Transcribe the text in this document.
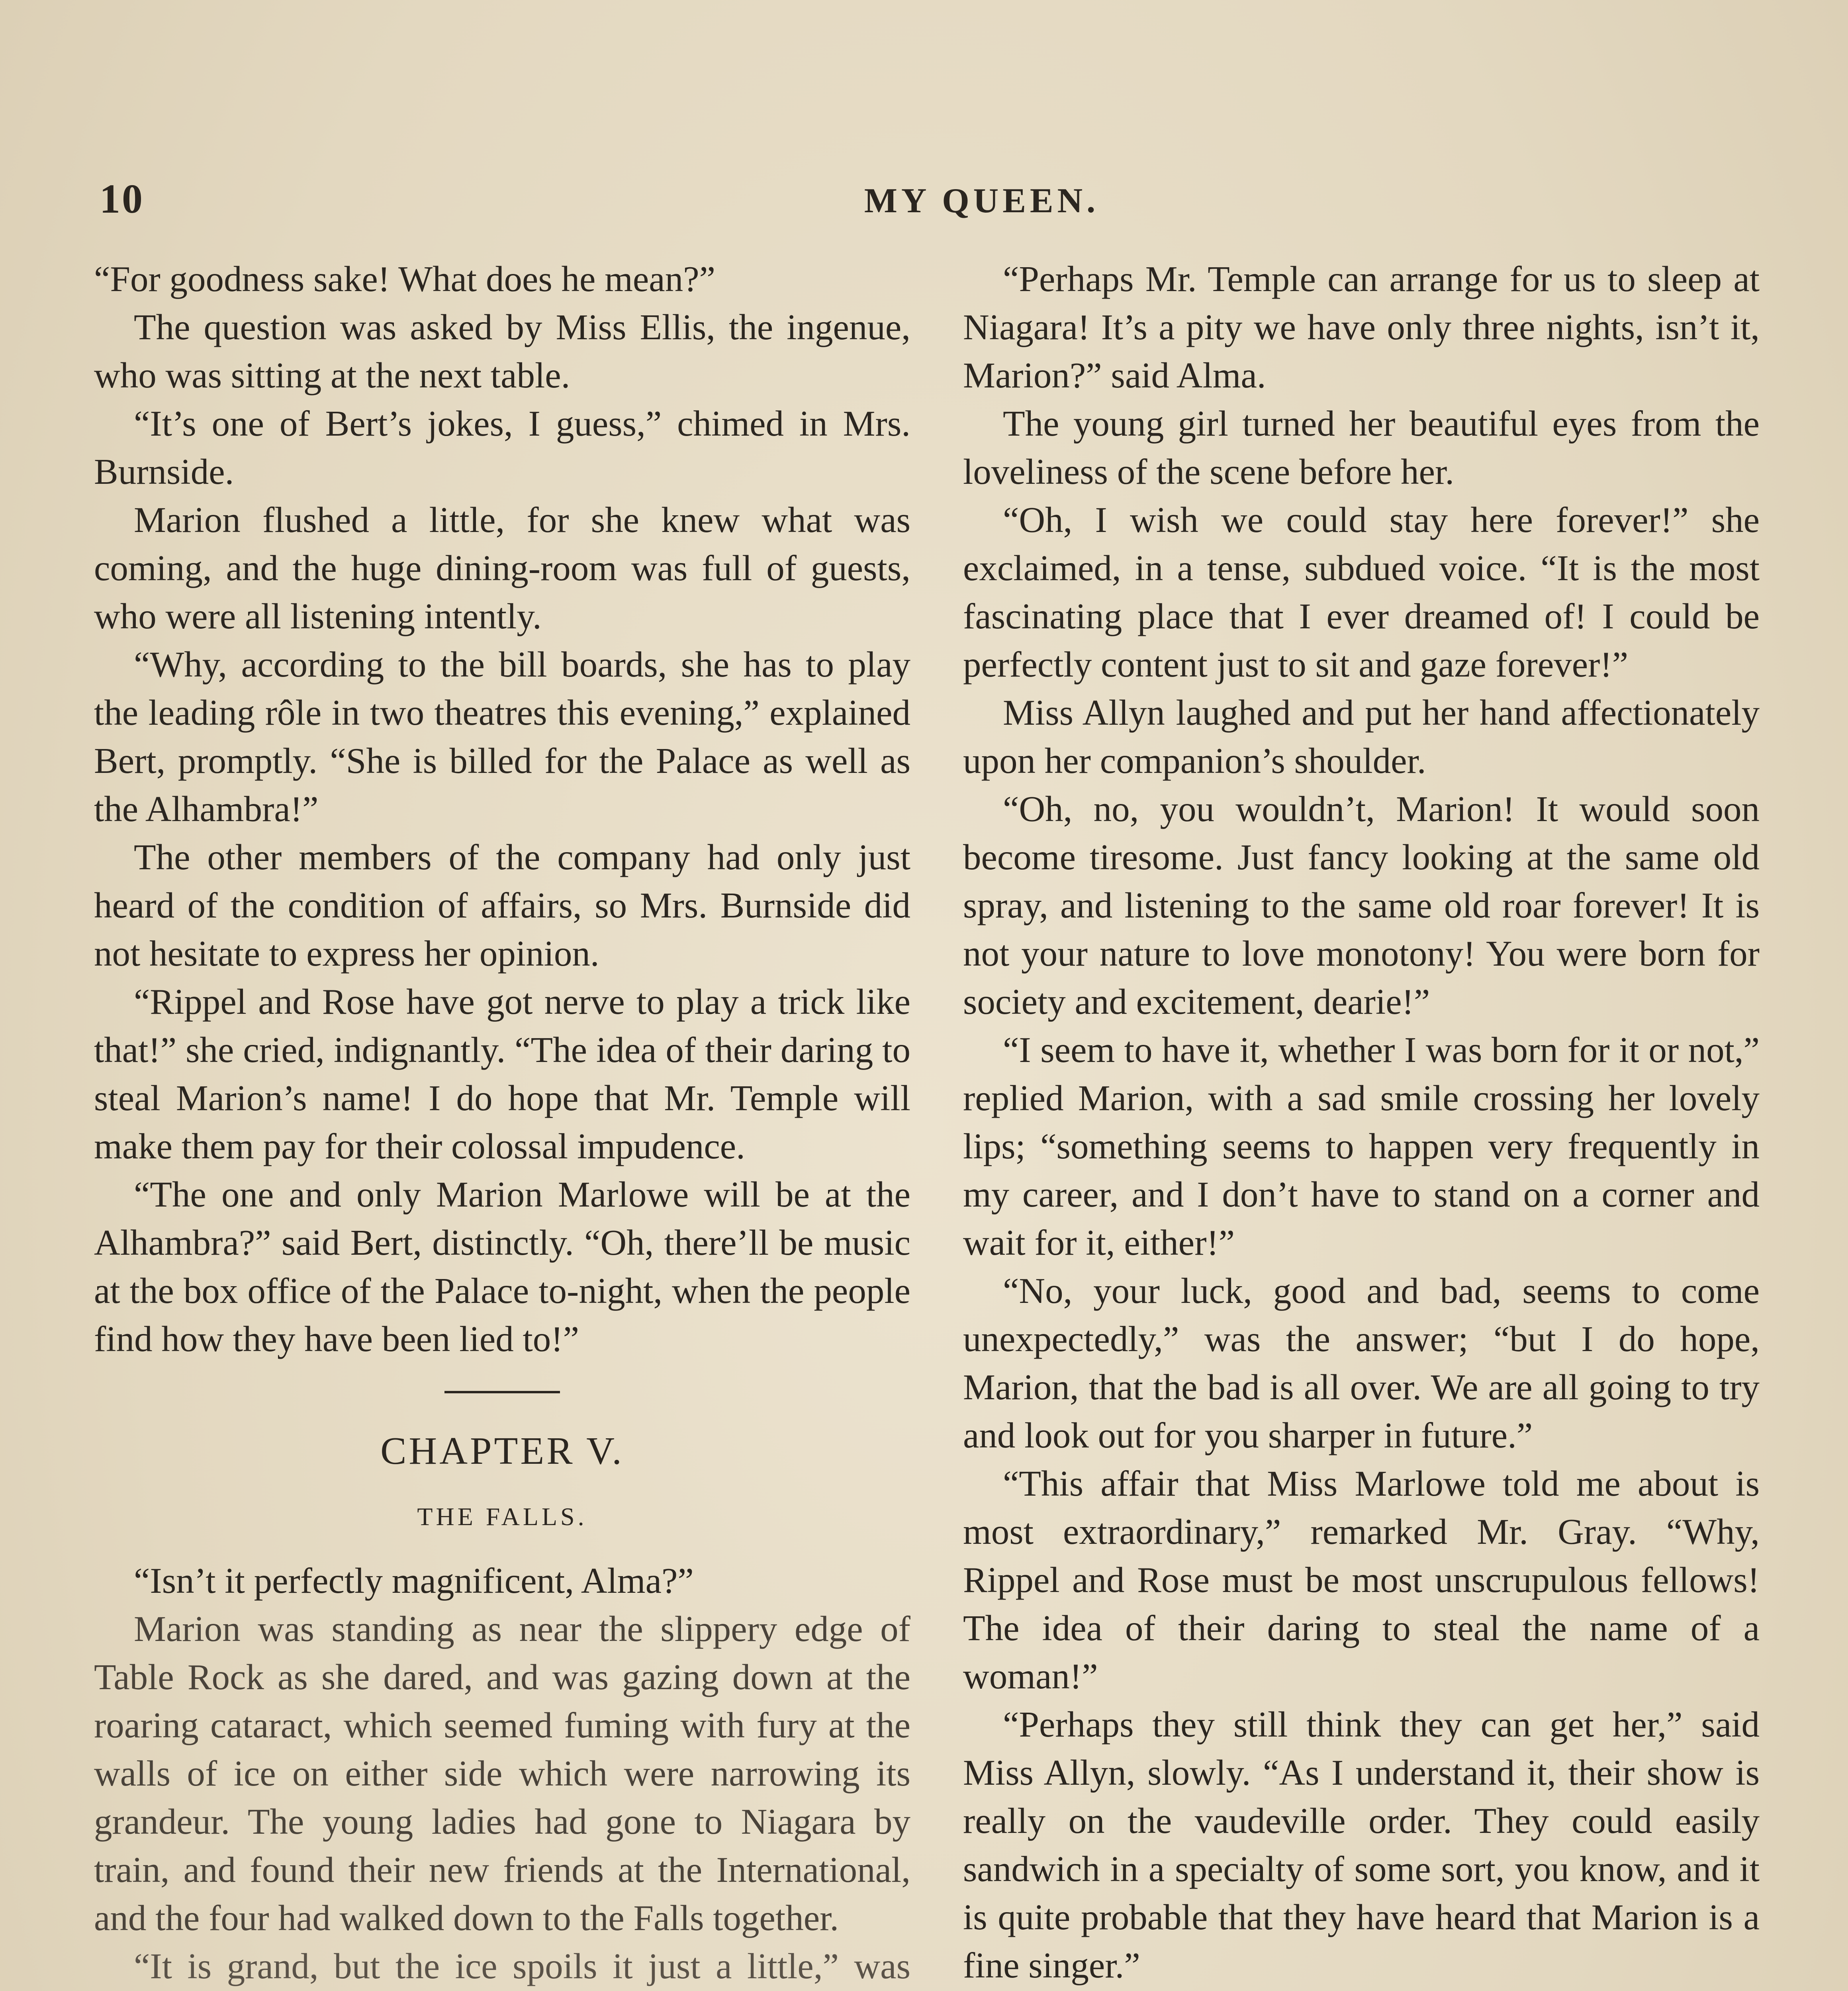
10	MY QUEEN.

“For goodness sake! What does he mean?”

The question was asked by Miss Ellis, the ingenue, who was sitting at the next table.

“It’s one of Bert’s jokes, I guess,” chimed in Mrs. Burnside.

Marion flushed a little, for she knew what was coming, and the huge dining-room was full of guests, who were all listening intently.

“Why, according to the bill boards, she has to play the leading rôle in two theatres this evening,” explained Bert, promptly. “She is billed for the Palace as well as the Alhambra!”

The other members of the company had only just heard of the condition of affairs, so Mrs. Burnside did not hesitate to express her opinion.

“Rippel and Rose have got nerve to play a trick like that!” she cried, indignantly. “The idea of their daring to steal Marion’s name! I do hope that Mr. Temple will make them pay for their colossal impudence.

“The one and only Marion Marlowe will be at the Alhambra?” said Bert, distinctly. “Oh, there’ll be music at the box office of the Palace to-night, when the people find how they have been lied to!”

CHAPTER V.
THE FALLS.

“Isn’t it perfectly magnificent, Alma?”

Marion was standing as near the slippery edge of Table Rock as she dared, and was gazing down at the roaring cataract, which seemed fuming with fury at the walls of ice on either side which were narrowing its grandeur. The young ladies had gone to Niagara by train, and found their new friends at the International, and the four had walked down to the Falls together.

“It is grand, but the ice spoils it just a little,” was

“Perhaps Mr. Temple can arrange for us to sleep at Niagara! It’s a pity we have only three nights, isn’t it, Marion?” said Alma.

The young girl turned her beautiful eyes from the loveliness of the scene before her.

“Oh, I wish we could stay here forever!” she exclaimed, in a tense, subdued voice. “It is the most fascinating place that I ever dreamed of! I could be perfectly content just to sit and gaze forever!”

Miss Allyn laughed and put her hand affectionately upon her companion’s shoulder.

“Oh, no, you wouldn’t, Marion! It would soon become tiresome. Just fancy looking at the same old spray, and listening to the same old roar forever! It is not your nature to love monotony! You were born for society and excitement, dearie!”

“I seem to have it, whether I was born for it or not,” replied Marion, with a sad smile crossing her lovely lips; “something seems to happen very frequently in my career, and I don’t have to stand on a corner and wait for it, either!”

“No, your luck, good and bad, seems to come unexpectedly,” was the answer; “but I do hope, Marion, that the bad is all over. We are all going to try and look out for you sharper in future.”

“This affair that Miss Marlowe told me about is most extraordinary,” remarked Mr. Gray. “Why, Rippel and Rose must be most unscrupulous fellows! The idea of their daring to steal the name of a woman!”

“Perhaps they still think they can get her,” said Miss Allyn, slowly. “As I understand it, their show is really on the vaudeville order. They could easily sandwich in a specialty of some sort, you know, and it is quite probable that they have heard that Marion is a fine singer.”
